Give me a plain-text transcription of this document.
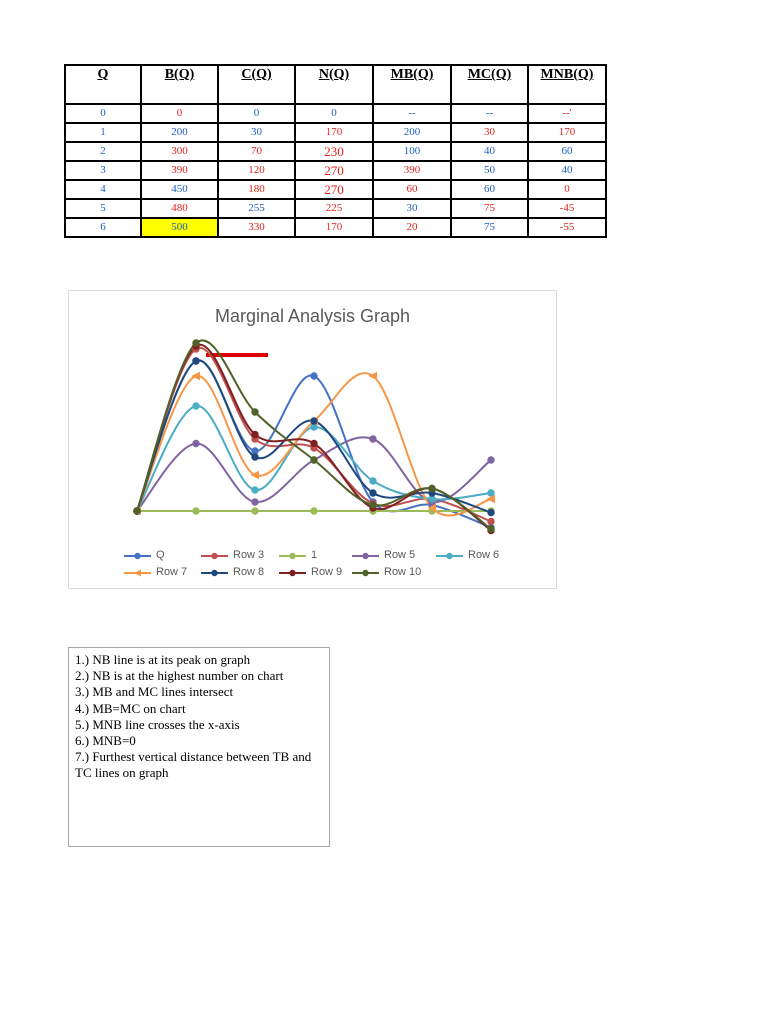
Q	B(Q)	C(Q)	N(Q)	MB(Q)	MC(Q)	MNB(Q)
0	0	0	0	--	--	--'
1	200	30	170	200	30	170
2	300	70	230	100	40	60
3	390	120	270	390	50	40
4	450	180	270	60	60	0
5	480	255	225	30	75	-45
6	500	330	170	20	75	-55
Marginal Analysis Graph
Q	Row 3	1	Row 5	Row 6
Row 7	Row 8	Row 9	Row 10
1.) NB line is at its peak on graph
2.) NB is at the highest number on chart
3.) MB and MC lines intersect
4.) MB=MC on chart
5.) MNB line crosses the x-axis
6.) MNB=0
7.) Furthest vertical distance between TB and TC lines on graph
